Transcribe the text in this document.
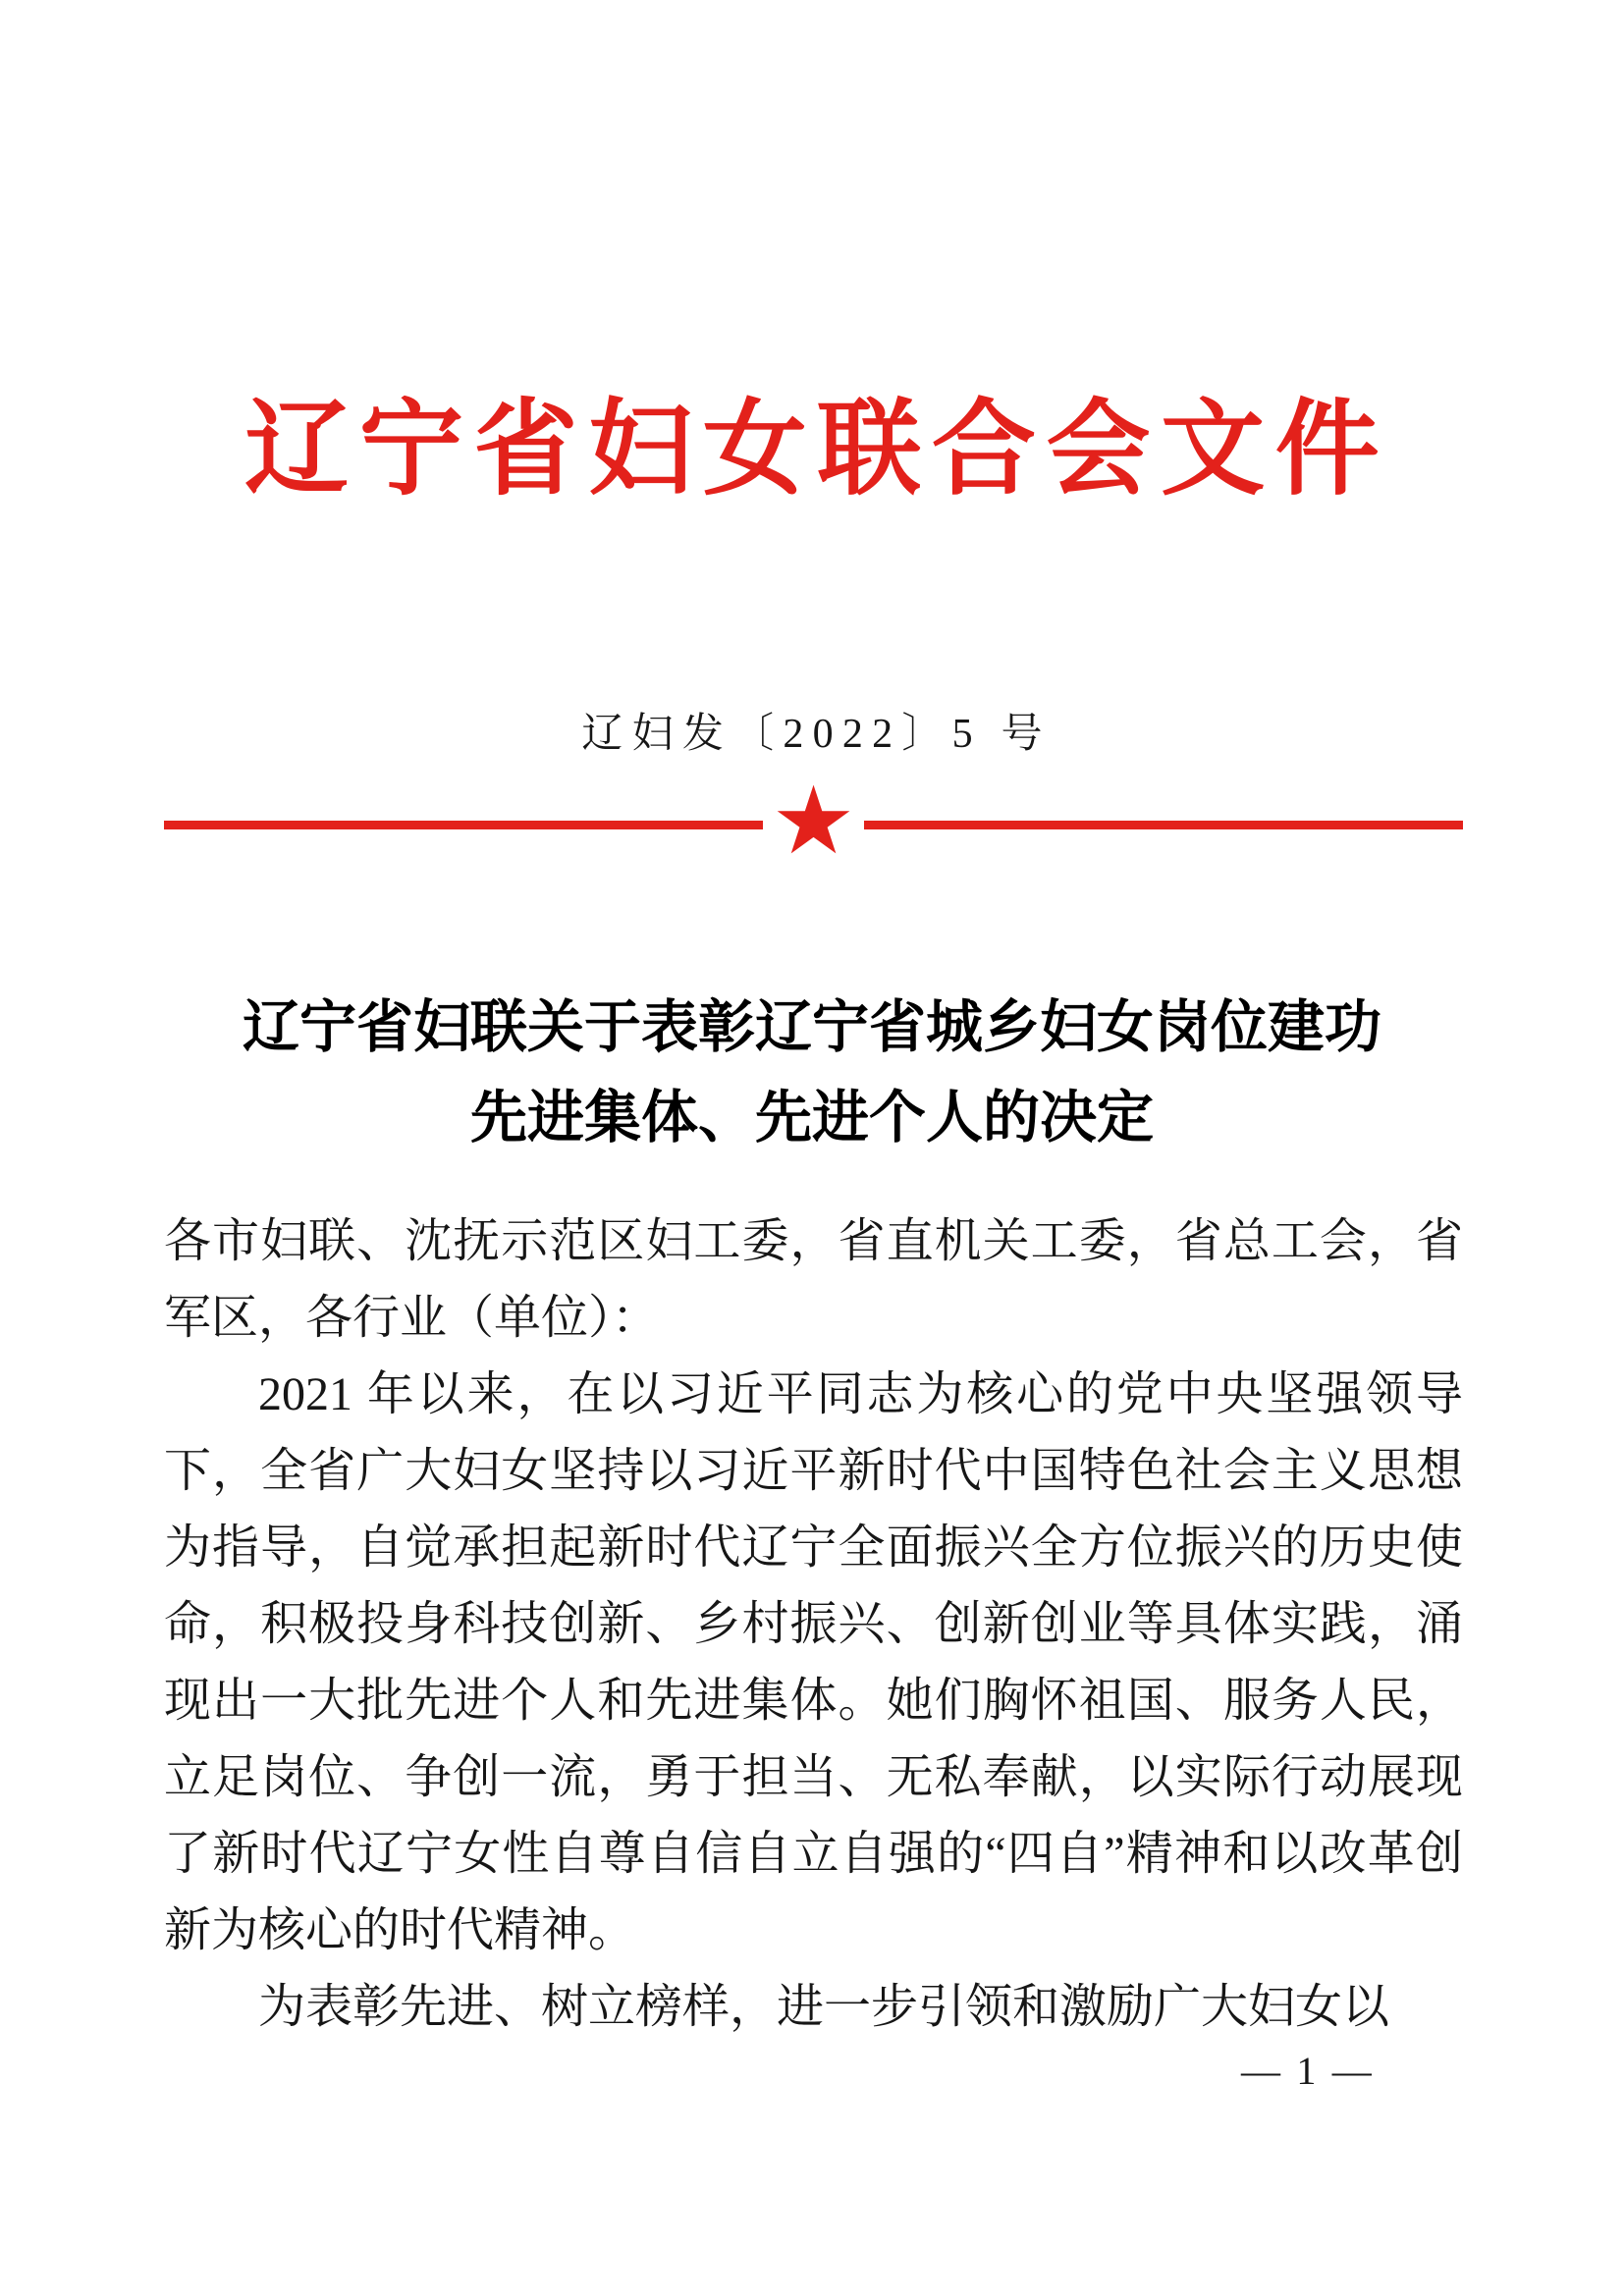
辽宁省妇女联合会文件
辽妇发〔2022〕5 号
★
辽宁省妇联关于表彰辽宁省城乡妇女岗位建功
先进集体、先进个人的决定

各市妇联、沈抚示范区妇工委，省直机关工委，省总工会，省军区，各行业（单位）：

2021 年以来，在以习近平同志为核心的党中央坚强领导下，全省广大妇女坚持以习近平新时代中国特色社会主义思想为指导，自觉承担起新时代辽宁全面振兴全方位振兴的历史使命，积极投身科技创新、乡村振兴、创新创业等具体实践，涌现出一大批先进个人和先进集体。她们胸怀祖国、服务人民，立足岗位、争创一流，勇于担当、无私奉献，以实际行动展现了新时代辽宁女性自尊自信自立自强的“四自”精神和以改革创新为核心的时代精神。

为表彰先进、树立榜样，进一步引领和激励广大妇女以

— 1 —
